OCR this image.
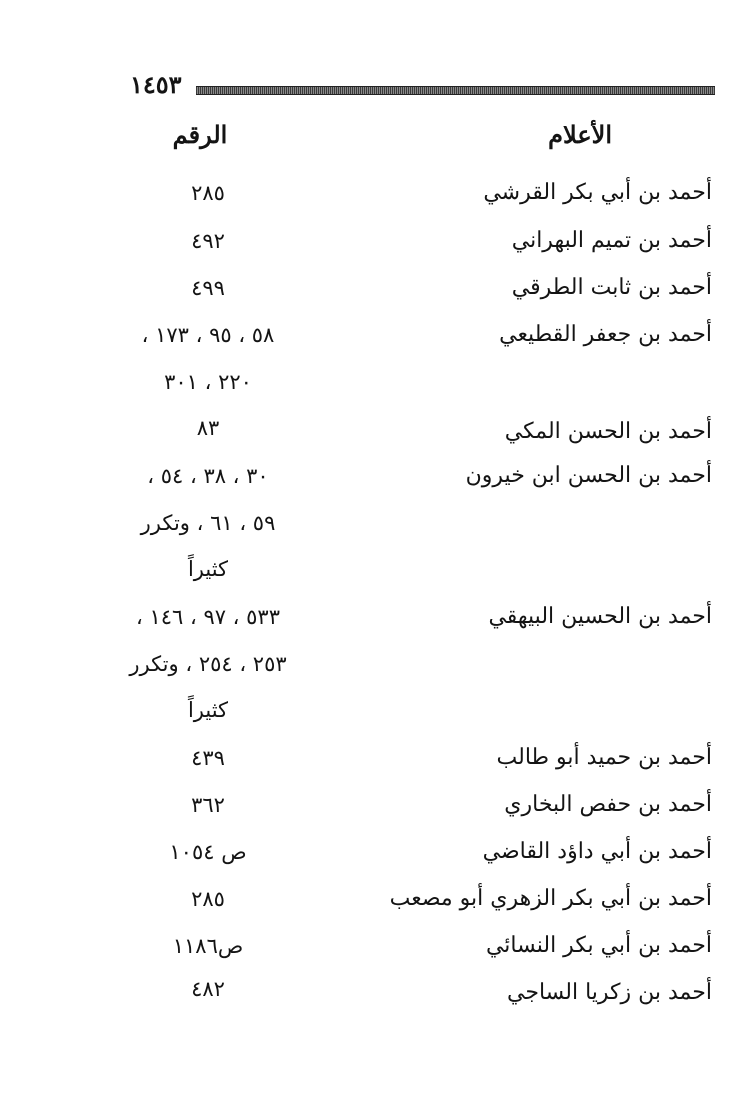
١٤٥٣
الأعلام
الرقم
أحمد بن أبي بكر القرشي
٢٨٥
أحمد بن تميم البهراني
٤٩٢
أحمد بن ثابت الطرقي
٤٩٩
أحمد بن جعفر القطيعي
٥٨ ، ٩٥ ، ١٧٣ ،
٢٢٠ ، ٣٠١
أحمد بن الحسن المكي
٨٣
أحمد بن الحسن ابن خيرون
٣٠ ، ٣٨ ، ٥٤ ،
٥٩ ، ٦١ ، وتكرر
كثيراً
أحمد بن الحسين البيهقي
٥٣٣ ، ٩٧ ، ١٤٦ ،
٢٥٣ ، ٢٥٤ ، وتكرر
كثيراً
أحمد بن حميد أبو طالب
٤٣٩
أحمد بن حفص البخاري
٣٦٢
أحمد بن أبي داؤد القاضي
ص ١٠٥٤
أحمد بن أبي بكر الزهري أبو مصعب
٢٨٥
أحمد بن أبي بكر النسائي
ص١١٨٦
أحمد بن زكريا الساجي
٤٨٢
